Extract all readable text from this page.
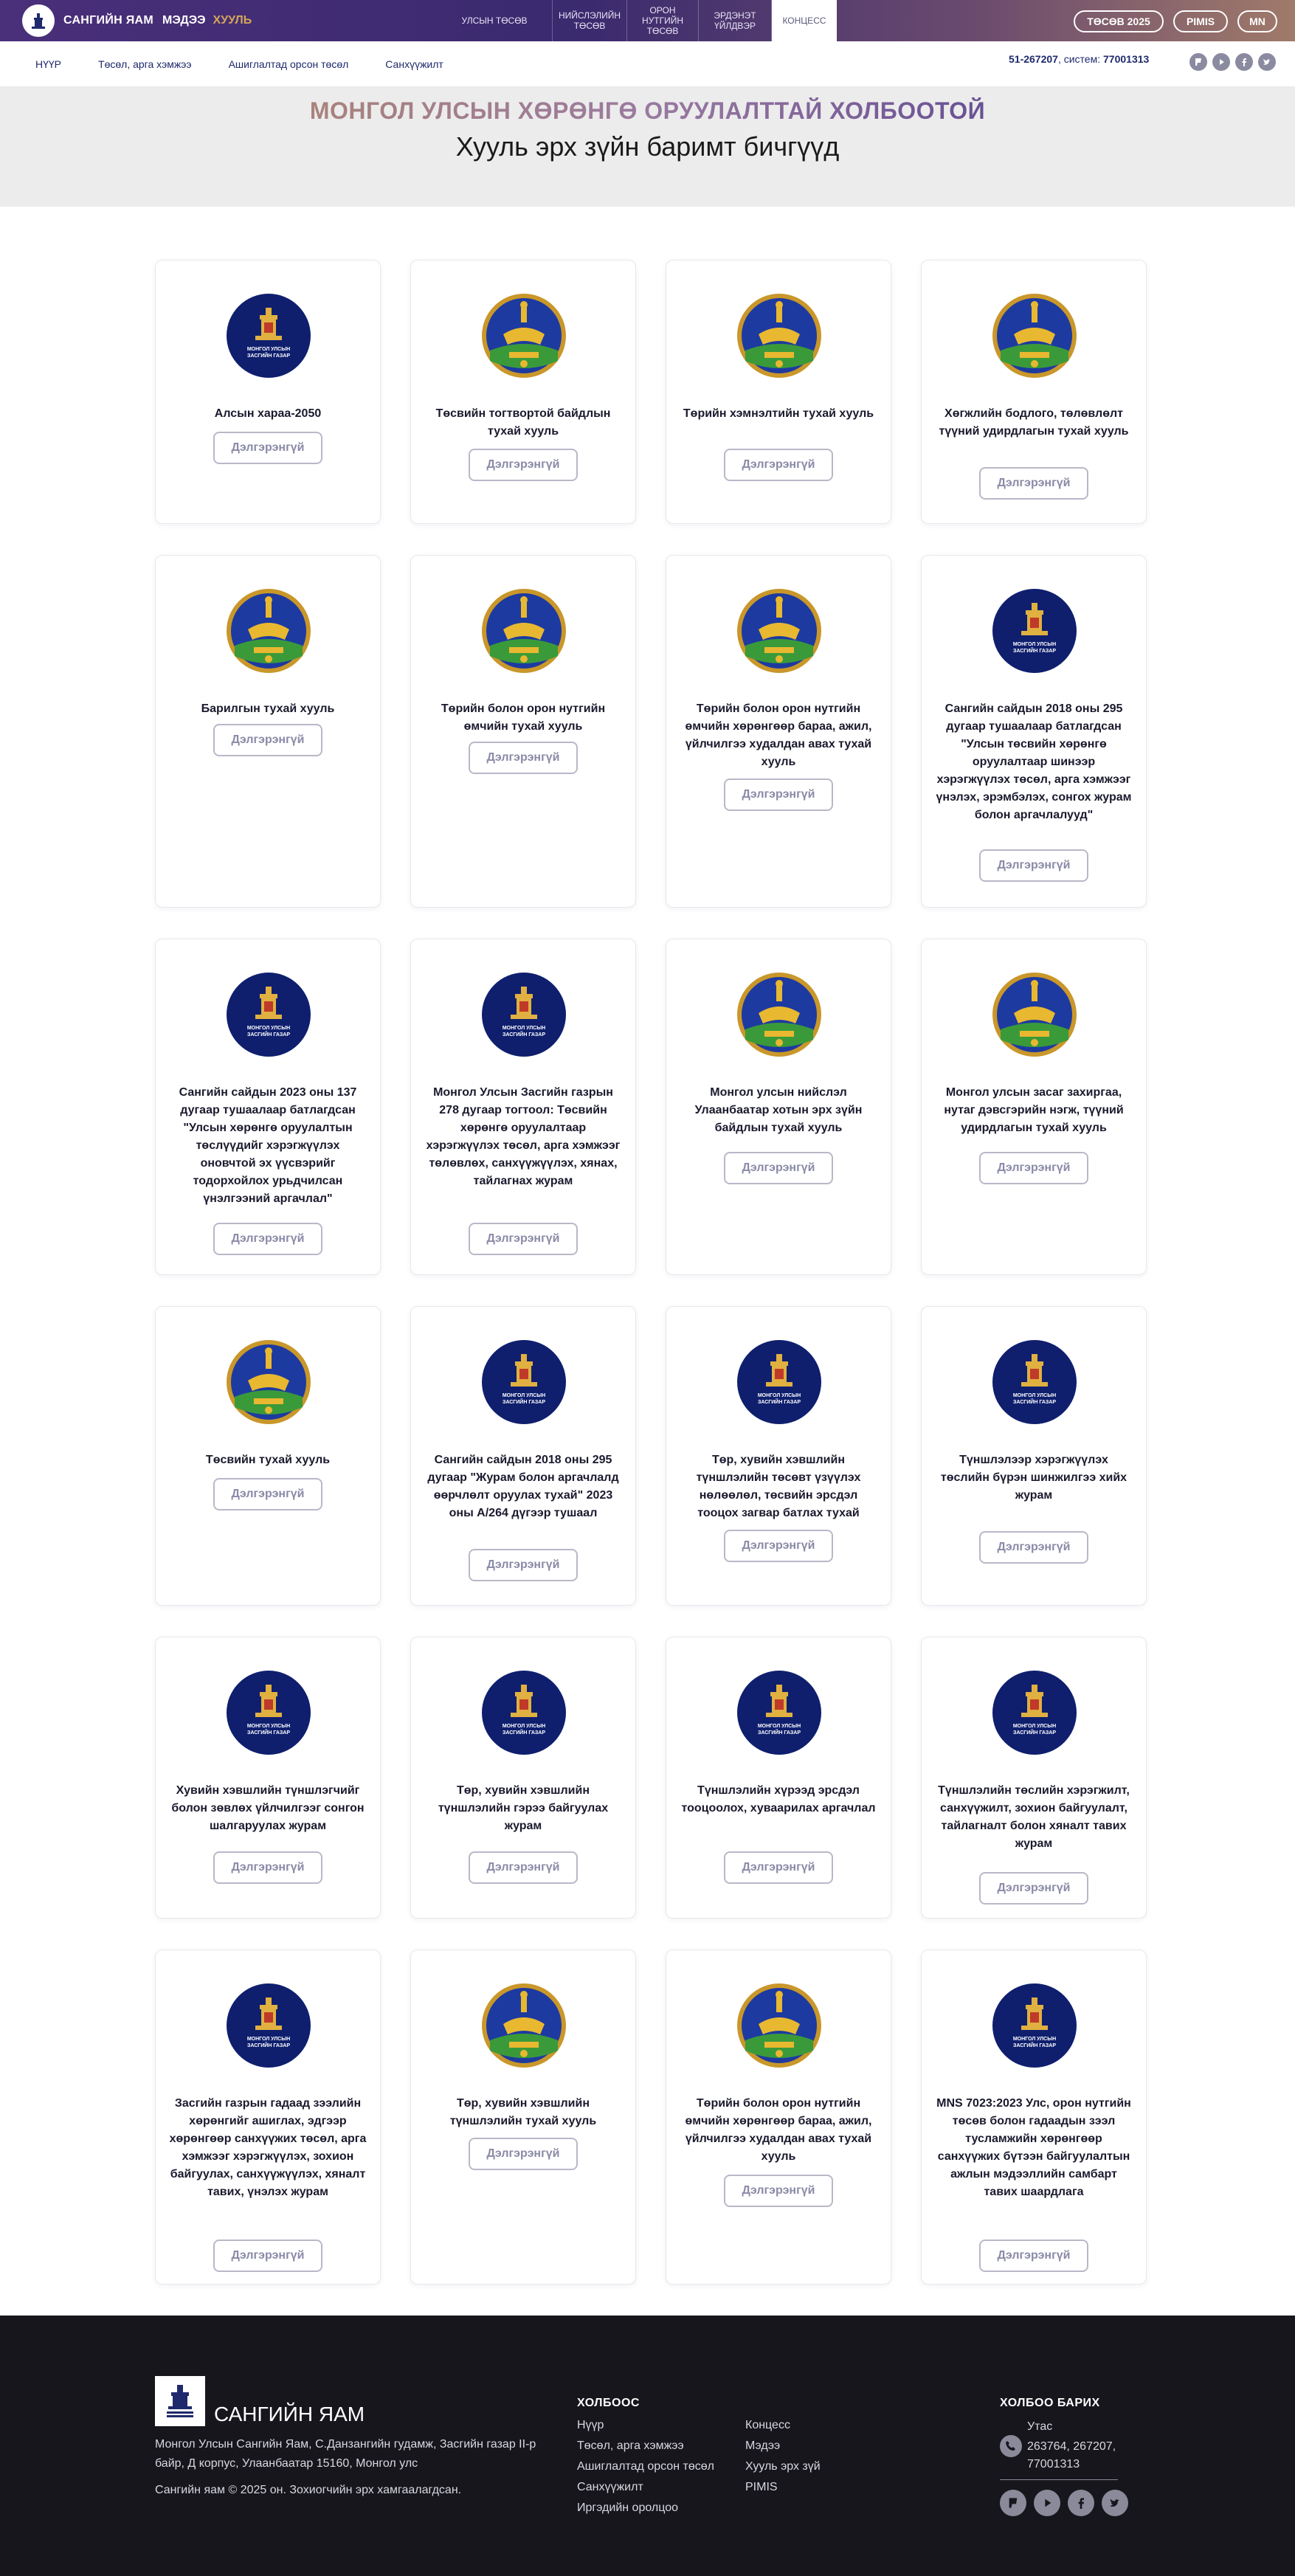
САНГИЙН ЯАМ МЭДЭЭ ХУУЛЬ	УЛСЫН ТӨСӨВ	НИЙСЛЭЛИЙН
ТӨСӨВ
ОРОН
НУТГИЙН
ТӨСӨВ
ЭРДЭНЭТ
ҮЙЛДВЭР	КОНЦЕСС	ТӨСӨВ 2025	PIMIS	MN
НҮҮР	Төсөл, арга хэмжээ	Ашиглалтад орсон төсөл	Санхүүжилт	51-267207, систем: 77001313
МОНГОЛ УЛСЫН ХӨРӨНГӨ ОРУУЛАЛТТАЙ ХОЛБООТОЙ
Хууль эрх зүйн баримт бичгүүд
МОНГОЛ УЛСЫН
ЗАСГИЙН ГАЗАР
Алсын хараа-2050
Дэлгэрэнгүй
Төсвийн тогтвортой байдлын тухай хууль
Дэлгэрэнгүй
Төрийн хэмнэлтийн тухай хууль
Дэлгэрэнгүй
Хөгжлийн бодлого, төлөвлөлт түүний удирдлагын тухай хууль
Дэлгэрэнгүй
Барилгын тухай хууль
Дэлгэрэнгүй
Төрийн болон орон нутгийн өмчийн тухай хууль
Дэлгэрэнгүй
Төрийн болон орон нутгийн өмчийн хөрөнгөөр бараа, ажил, үйлчилгээ худалдан авах тухай хууль
Дэлгэрэнгүй
МОНГОЛ УЛСЫН
ЗАСГИЙН ГАЗАР
Сангийн сайдын 2018 оны 295 дугаар тушаалаар батлагдсан "Улсын төсвийн хөрөнгө оруулалтаар шинээр хэрэгжүүлэх төсөл, арга хэмжээг үнэлэх, эрэмбэлэх, сонгох журам болон аргачлалууд"
Дэлгэрэнгүй
МОНГОЛ УЛСЫН
ЗАСГИЙН ГАЗАР
Сангийн сайдын 2023 оны 137 дугаар тушаалаар батлагдсан "Улсын хөрөнгө оруулалтын төслүүдийг хэрэгжүүлэх оновчтой эх үүсвэрийг тодорхойлох урьдчилсан үнэлгээний аргачлал"
Дэлгэрэнгүй
МОНГОЛ УЛСЫН
ЗАСГИЙН ГАЗАР
Монгол Улсын Засгийн газрын 278 дугаар тогтоол: Төсвийн хөрөнгө оруулалтаар хэрэгжүүлэх төсөл, арга хэмжээг төлөвлөх, санхүүжүүлэх, хянах, тайлагнах журам
Дэлгэрэнгүй
Монгол улсын нийслэл Улаанбаатар хотын эрх зүйн байдлын тухай хууль
Дэлгэрэнгүй
Монгол улсын засаг захиргаа, нутаг дэвсгэрийн нэгж, түүний удирдлагын тухай хууль
Дэлгэрэнгүй
Төсвийн тухай хууль
Дэлгэрэнгүй
МОНГОЛ УЛСЫН
ЗАСГИЙН ГАЗАР
Сангийн сайдын 2018 оны 295 дугаар "Журам болон аргачлалд өөрчлөлт оруулах тухай" 2023 оны А/264 дүгээр тушаал
Дэлгэрэнгүй
МОНГОЛ УЛСЫН
ЗАСГИЙН ГАЗАР
Төр, хувийн хэвшлийн түншлэлийн төсөвт үзүүлэх нөлөөлөл, төсвийн эрсдэл тооцох загвар батлах тухай
Дэлгэрэнгүй
МОНГОЛ УЛСЫН
ЗАСГИЙН ГАЗАР
Түншлэлээр хэрэгжүүлэх төслийн бүрэн шинжилгээ хийх журам
Дэлгэрэнгүй
МОНГОЛ УЛСЫН
ЗАСГИЙН ГАЗАР
Хувийн хэвшлийн түншлэгчийг болон зөвлөх үйлчилгээг сонгон шалгаруулах журам
Дэлгэрэнгүй
МОНГОЛ УЛСЫН
ЗАСГИЙН ГАЗАР
Төр, хувийн хэвшлийн түншлэлийн гэрээ байгуулах журам
Дэлгэрэнгүй
МОНГОЛ УЛСЫН
ЗАСГИЙН ГАЗАР
Түншлэлийн хүрээд эрсдэл тооцоолох, хуваарилах аргачлал
Дэлгэрэнгүй
МОНГОЛ УЛСЫН
ЗАСГИЙН ГАЗАР
Түншлэлийн төслийн хэрэгжилт, санхүүжилт, зохион байгуулалт, тайлагналт болон хяналт тавих журам
Дэлгэрэнгүй
МОНГОЛ УЛСЫН
ЗАСГИЙН ГАЗАР
Засгийн газрын гадаад зээлийн хөрөнгийг ашиглах, эдгээр хөрөнгөөр санхүүжих төсөл, арга хэмжээг хэрэгжүүлэх, зохион байгуулах, санхүүжүүлэх, хяналт тавих, үнэлэх журам
Дэлгэрэнгүй
Төр, хувийн хэвшлийн түншлэлийн тухай хууль
Дэлгэрэнгүй
Төрийн болон орон нутгийн өмчийн хөрөнгөөр бараа, ажил, үйлчилгээ худалдан авах тухай хууль
Дэлгэрэнгүй
МОНГОЛ УЛСЫН
ЗАСГИЙН ГАЗАР
MNS 7023:2023 Улс, орон нутгийн төсөв болон гадаадын зээл тусламжийн хөрөнгөөр санхүүжих бүтээн байгуулалтын ажлын мэдээллийн самбарт тавих шаардлага
Дэлгэрэнгүй
САНГИЙН ЯАМ
Монгол Улсын Сангийн Яам, С.Данзангийн гудамж, Засгийн газар II-р байр, Д корпус, Улаанбаатар 15160, Монгол улс
Сангийн яам © 2025 он. Зохиогчийн эрх хамгаалагдсан.
ХОЛБООС
Нүүр
Төсөл, арга хэмжээ
Ашиглалтад орсон төсөл
Санхүүжилт
Иргэдийн оролцоо
Концесс
Мэдээ
Хууль эрх зүй
PIMIS
ХОЛБОО БАРИХ
Утас
263764, 267207, 77001313
